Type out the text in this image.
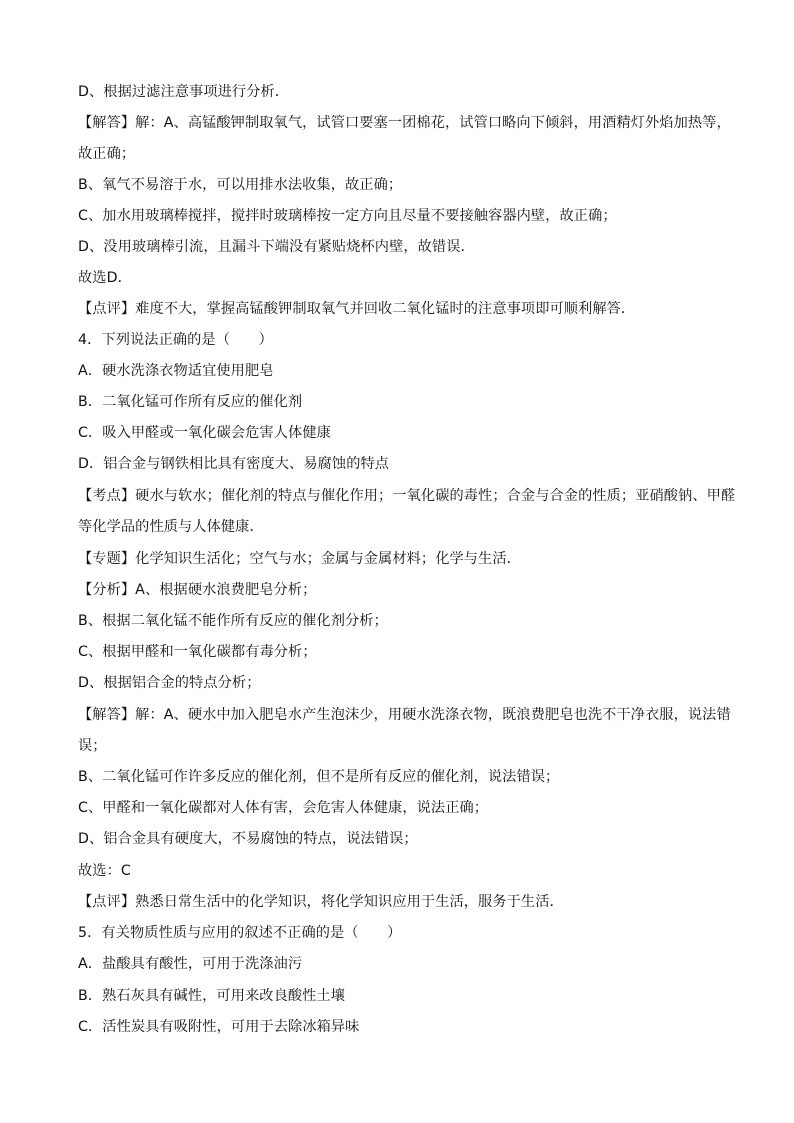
D、根据过滤注意事项进行分析．
【解答】解：A、高锰酸钾制取氧气，试管口要塞一团棉花，试管口略向下倾斜，用酒精灯外焰加热等，
故正确；
B、氧气不易溶于水，可以用排水法收集，故正确；
C、加水用玻璃棒搅拌，搅拌时玻璃棒按一定方向且尽量不要接触容器内壁，故正确；
D、没用玻璃棒引流，且漏斗下端没有紧贴烧杯内壁，故错误．
故选D．
【点评】难度不大，掌握高锰酸钾制取氧气并回收二氧化锰时的注意事项即可顺利解答．
4．下列说法正确的是（　　）
A．硬水洗涤衣物适宜使用肥皂
B．二氧化锰可作所有反应的催化剂
C．吸入甲醛或一氧化碳会危害人体健康
D．铝合金与钢铁相比具有密度大、易腐蚀的特点
【考点】硬水与软水；催化剂的特点与催化作用；一氧化碳的毒性；合金与合金的性质；亚硝酸钠、甲醛
等化学品的性质与人体健康．
【专题】化学知识生活化；空气与水；金属与金属材料；化学与生活．
【分析】A、根据硬水浪费肥皂分析；
B、根据二氧化锰不能作所有反应的催化剂分析；
C、根据甲醛和一氧化碳都有毒分析；
D、根据铝合金的特点分析；
【解答】解：A、硬水中加入肥皂水产生泡沫少，用硬水洗涤衣物，既浪费肥皂也洗不干净衣服，说法错
误；
B、二氧化锰可作许多反应的催化剂，但不是所有反应的催化剂，说法错误；
C、甲醛和一氧化碳都对人体有害，会危害人体健康，说法正确；
D、铝合金具有硬度大，不易腐蚀的特点，说法错误；
故选：C
【点评】熟悉日常生活中的化学知识，将化学知识应用于生活，服务于生活．
5．有关物质性质与应用的叙述不正确的是（　　）
A．盐酸具有酸性，可用于洗涤油污
B．熟石灰具有碱性，可用来改良酸性土壤
C．活性炭具有吸附性，可用于去除冰箱异味
